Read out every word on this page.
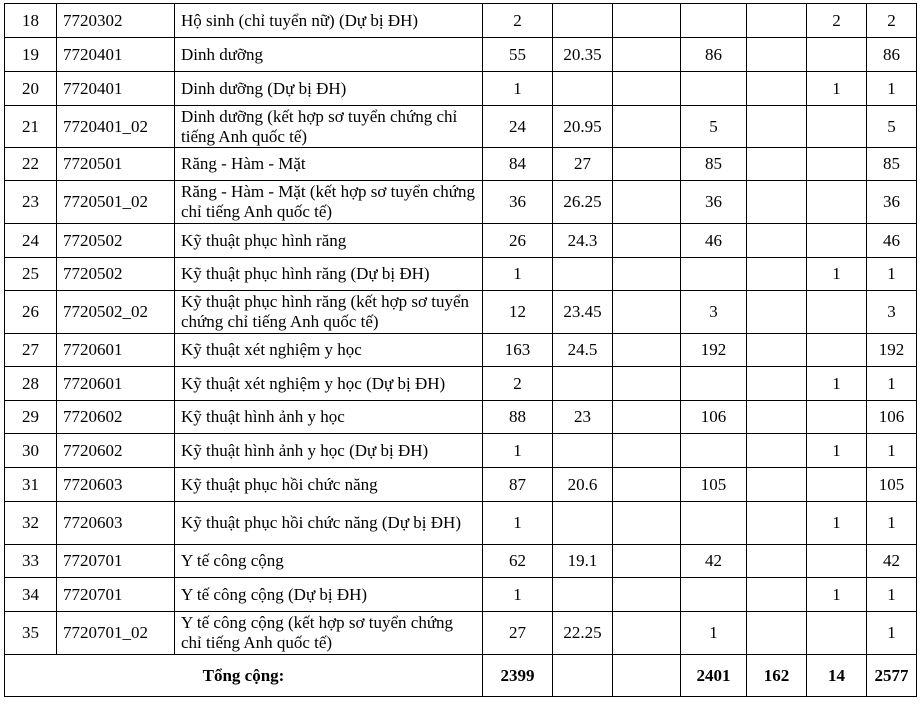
18	7720302	Hộ sinh (chỉ tuyển nữ) (Dự bị ĐH)	2					2	2
19	7720401	Dinh dưỡng	55	20.35		86			86
20	7720401	Dinh dưỡng (Dự bị ĐH)	1					1	1
21	7720401_02	Dinh dưỡng (kết hợp sơ tuyển chứng chỉ tiếng Anh quốc tế)	24	20.95		5			5
22	7720501	Răng - Hàm - Mặt	84	27		85			85
23	7720501_02	Răng - Hàm - Mặt (kết hợp sơ tuyển chứng chỉ tiếng Anh quốc tế)	36	26.25		36			36
24	7720502	Kỹ thuật phục hình răng	26	24.3		46			46
25	7720502	Kỹ thuật phục hình răng (Dự bị ĐH)	1					1	1
26	7720502_02	Kỹ thuật phục hình răng (kết hợp sơ tuyển chứng chỉ tiếng Anh quốc tế)	12	23.45		3			3
27	7720601	Kỹ thuật xét nghiệm y học	163	24.5		192			192
28	7720601	Kỹ thuật xét nghiệm y học (Dự bị ĐH)	2					1	1
29	7720602	Kỹ thuật hình ảnh y học	88	23		106			106
30	7720602	Kỹ thuật hình ảnh y học (Dự bị ĐH)	1					1	1
31	7720603	Kỹ thuật phục hồi chức năng	87	20.6		105			105
32	7720603	Kỹ thuật phục hồi chức năng (Dự bị ĐH)	1					1	1
33	7720701	Y tế công cộng	62	19.1		42			42
34	7720701	Y tế công cộng (Dự bị ĐH)	1					1	1
35	7720701_02	Y tế công cộng (kết hợp sơ tuyển chứng chỉ tiếng Anh quốc tế)	27	22.25		1			1
Tổng cộng:			2399			2401	162	14	2577
